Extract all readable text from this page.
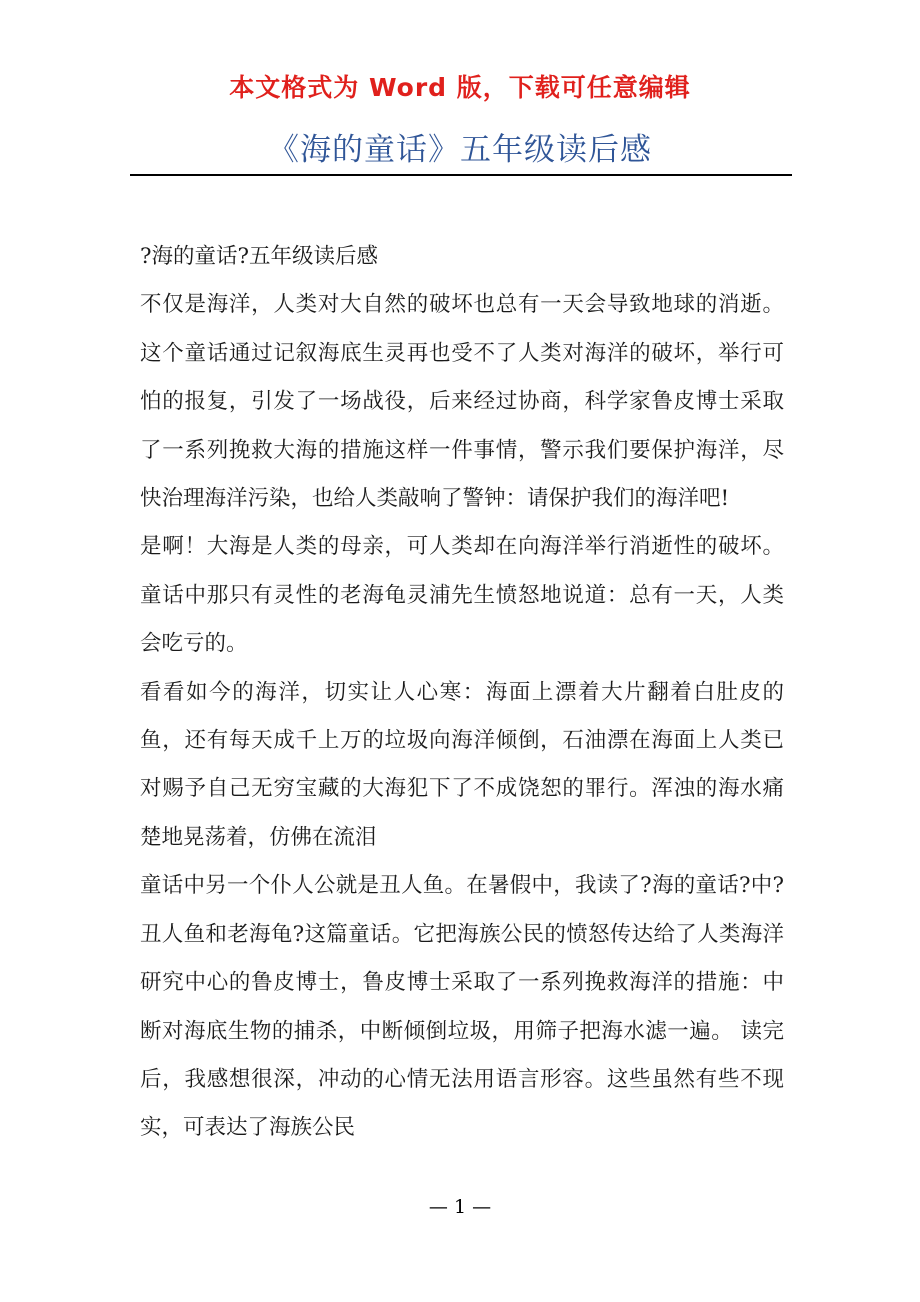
本文格式为 Word 版，下载可任意编辑
《海的童话》五年级读后感

?海的童话?五年级读后感

不仅是海洋，人类对大自然的破坏也总有一天会导致地球的消逝。这个童话通过记叙海底生灵再也受不了人类对海洋的破坏，举行可怕的报复，引发了一场战役，后来经过协商，科学家鲁皮博士采取了一系列挽救大海的措施这样一件事情，警示我们要保护海洋，尽快治理海洋污染，也给人类敲响了警钟：请保护我们的海洋吧!

是啊！大海是人类的母亲，可人类却在向海洋举行消逝性的破坏。 童话中那只有灵性的老海龟灵浦先生愤怒地说道：总有一天，人类会吃亏的。

看看如今的海洋，切实让人心寒：海面上漂着大片翻着白肚皮的鱼，还有每天成千上万的垃圾向海洋倾倒，石油漂在海面上人类已对赐予自己无穷宝藏的大海犯下了不成饶恕的罪行。浑浊的海水痛楚地晃荡着，仿佛在流泪

童话中另一个仆人公就是丑人鱼。在暑假中，我读了?海的童话?中?丑人鱼和老海龟?这篇童话。它把海族公民的愤怒传达给了人类海洋研究中心的鲁皮博士，鲁皮博士采取了一系列挽救海洋的措施：中断对海底生物的捕杀，中断倾倒垃圾，用筛子把海水滤一遍。 读完后，我感想很深，冲动的心情无法用语言形容。这些虽然有些不现实，可表达了海族公民

— 1 —
